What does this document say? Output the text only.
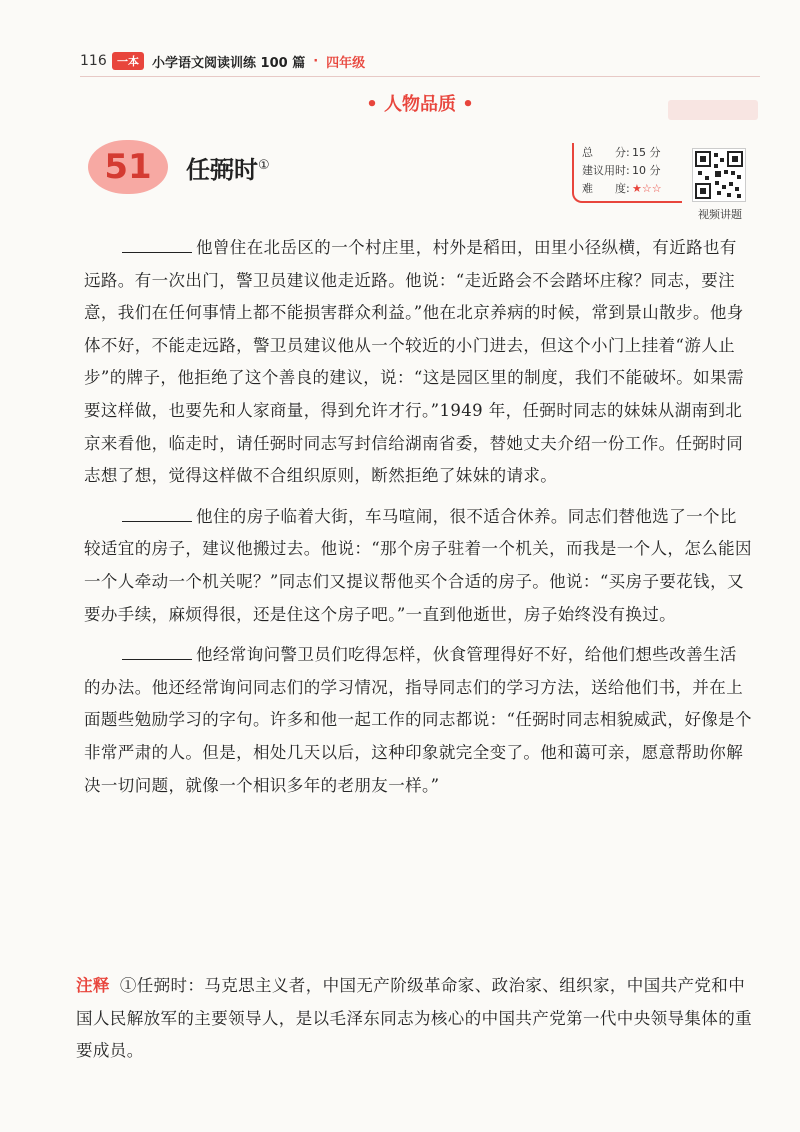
116 一本	小学语文阅读训练 100 篇 · 四年级
• 人物品质 •
51 任弼时①
总　　分: 15 分
建议用时: 10 分
难　　度: ★☆☆
视频讲题

他曾住在北岳区的一个村庄里，村外是稻田，田里小径纵横，有近路也有远路。有一次出门，警卫员建议他走近路。他说：“走近路会不会踏坏庄稼？同志，要注意，我们在任何事情上都不能损害群众利益。”他在北京养病的时候，常到景山散步。他身体不好，不能走远路，警卫员建议他从一个较近的小门进去，但这个小门上挂着“游人止步”的牌子，他拒绝了这个善良的建议，说：“这是园区里的制度，我们不能破坏。如果需要这样做，也要先和人家商量，得到允许才行。”1949 年，任弼时同志的妹妹从湖南到北京来看他，临走时，请任弼时同志写封信给湖南省委，替她丈夫介绍一份工作。任弼时同志想了想，觉得这样做不合组织原则，断然拒绝了妹妹的请求。

他住的房子临着大街，车马喧闹，很不适合休养。同志们替他选了一个比较适宜的房子，建议他搬过去。他说：“那个房子驻着一个机关，而我是一个人，怎么能因一个人牵动一个机关呢？”同志们又提议帮他买个合适的房子。他说：“买房子要花钱，又要办手续，麻烦得很，还是住这个房子吧。”一直到他逝世，房子始终没有换过。

他经常询问警卫员们吃得怎样，伙食管理得好不好，给他们想些改善生活的办法。他还经常询问同志们的学习情况，指导同志们的学习方法，送给他们书，并在上面题些勉励学习的字句。许多和他一起工作的同志都说：“任弼时同志相貌威武，好像是个非常严肃的人。但是，相处几天以后，这种印象就完全变了。他和蔼可亲，愿意帮助你解决一切问题，就像一个相识多年的老朋友一样。”

注释 ①任弼时：马克思主义者，中国无产阶级革命家、政治家、组织家，中国共产党和中国人民解放军的主要领导人，是以毛泽东同志为核心的中国共产党第一代中央领导集体的重要成员。
